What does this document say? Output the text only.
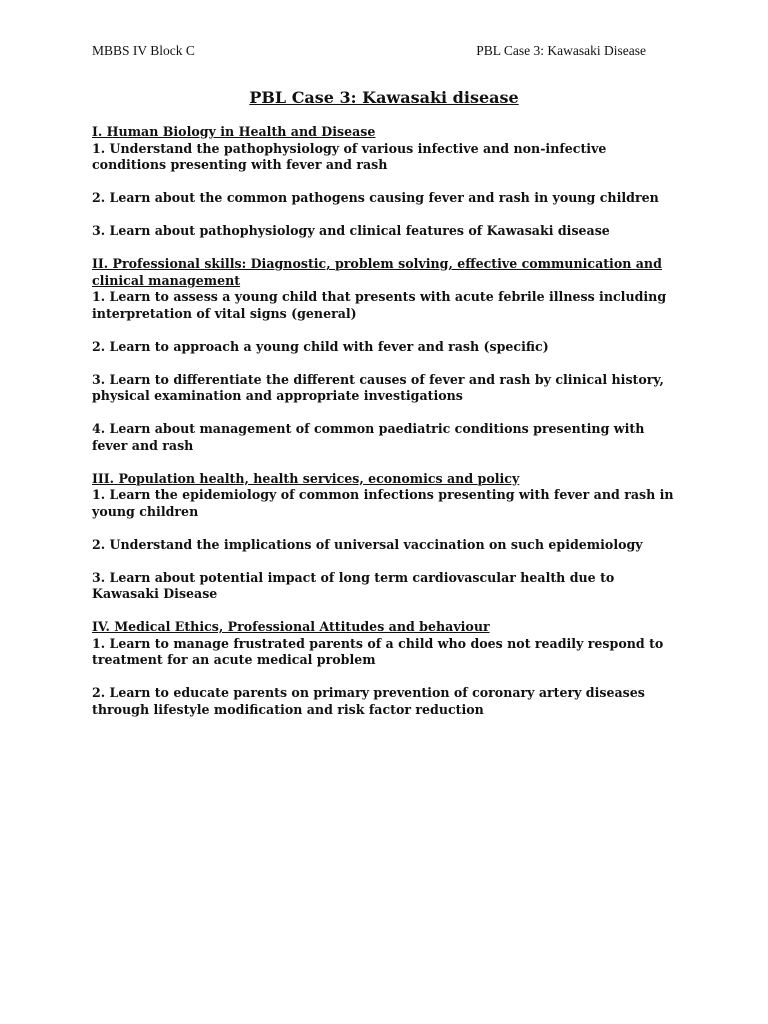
MBBS IV Block C	PBL Case 3: Kawasaki Disease
PBL Case 3: Kawasaki disease
I. Human Biology in Health and Disease
1. Understand the pathophysiology of various infective and non-infective conditions presenting with fever and rash
2. Learn about the common pathogens causing fever and rash in young children
3. Learn about pathophysiology and clinical features of Kawasaki disease
II. Professional skills: Diagnostic, problem solving, effective communication and clinical management
1. Learn to assess a young child that presents with acute febrile illness including interpretation of vital signs (general)
2. Learn to approach a young child with fever and rash (specific)
3. Learn to differentiate the different causes of fever and rash by clinical history, physical examination and appropriate investigations
4. Learn about management of common paediatric conditions presenting with fever and rash
III. Population health, health services, economics and policy
1. Learn the epidemiology of common infections presenting with fever and rash in young children
2. Understand the implications of universal vaccination on such epidemiology
3. Learn about potential impact of long term cardiovascular health due to Kawasaki Disease
IV. Medical Ethics, Professional Attitudes and behaviour
1. Learn to manage frustrated parents of a child who does not readily respond to treatment for an acute medical problem
2. Learn to educate parents on primary prevention of coronary artery diseases through lifestyle modification and risk factor reduction
